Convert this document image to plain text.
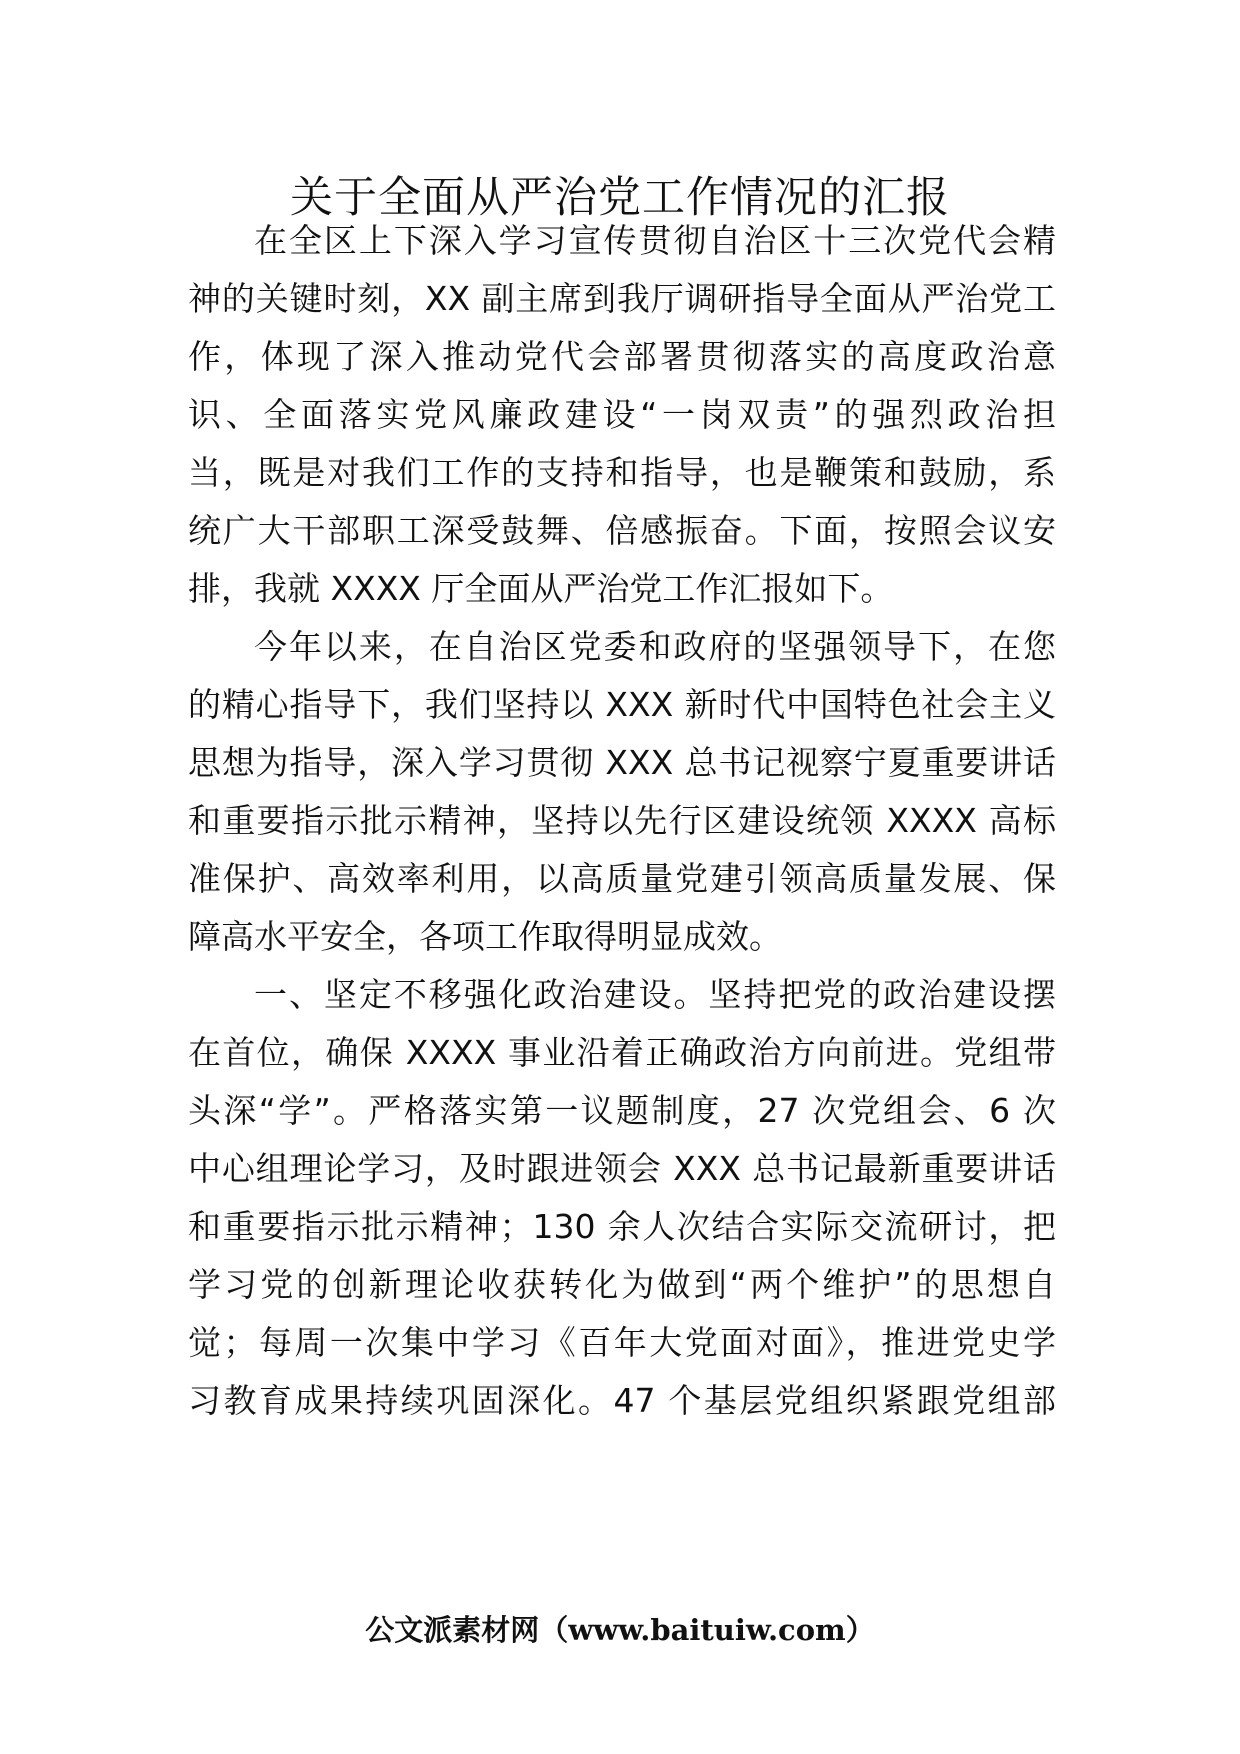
关于全面从严治党工作情况的汇报

在全区上下深入学习宣传贯彻自治区十三次党代会精

神的关键时刻，XX 副主席到我厅调研指导全面从严治党工

作，体现了深入推动党代会部署贯彻落实的高度政治意

识、全面落实党风廉政建设“一岗双责”的强烈政治担

当，既是对我们工作的支持和指导，也是鞭策和鼓励，系

统广大干部职工深受鼓舞、倍感振奋。下面，按照会议安

排，我就 XXXX 厅全面从严治党工作汇报如下。

今年以来，在自治区党委和政府的坚强领导下，在您

的精心指导下，我们坚持以 XXX 新时代中国特色社会主义

思想为指导，深入学习贯彻 XXX 总书记视察宁夏重要讲话

和重要指示批示精神，坚持以先行区建设统领 XXXX 高标

准保护、高效率利用，以高质量党建引领高质量发展、保

障高水平安全，各项工作取得明显成效。

一、坚定不移强化政治建设。坚持把党的政治建设摆

在首位，确保 XXXX 事业沿着正确政治方向前进。党组带

头深“学”。严格落实第一议题制度，27 次党组会、6 次

中心组理论学习，及时跟进领会 XXX 总书记最新重要讲话

和重要指示批示精神；130 余人次结合实际交流研讨，把

学习党的创新理论收获转化为做到“两个维护”的思想自

觉；每周一次集中学习《百年大党面对面》，推进党史学

习教育成果持续巩固深化。47 个基层党组织紧跟党组部

公文派素材网（www.baituiw.com）
